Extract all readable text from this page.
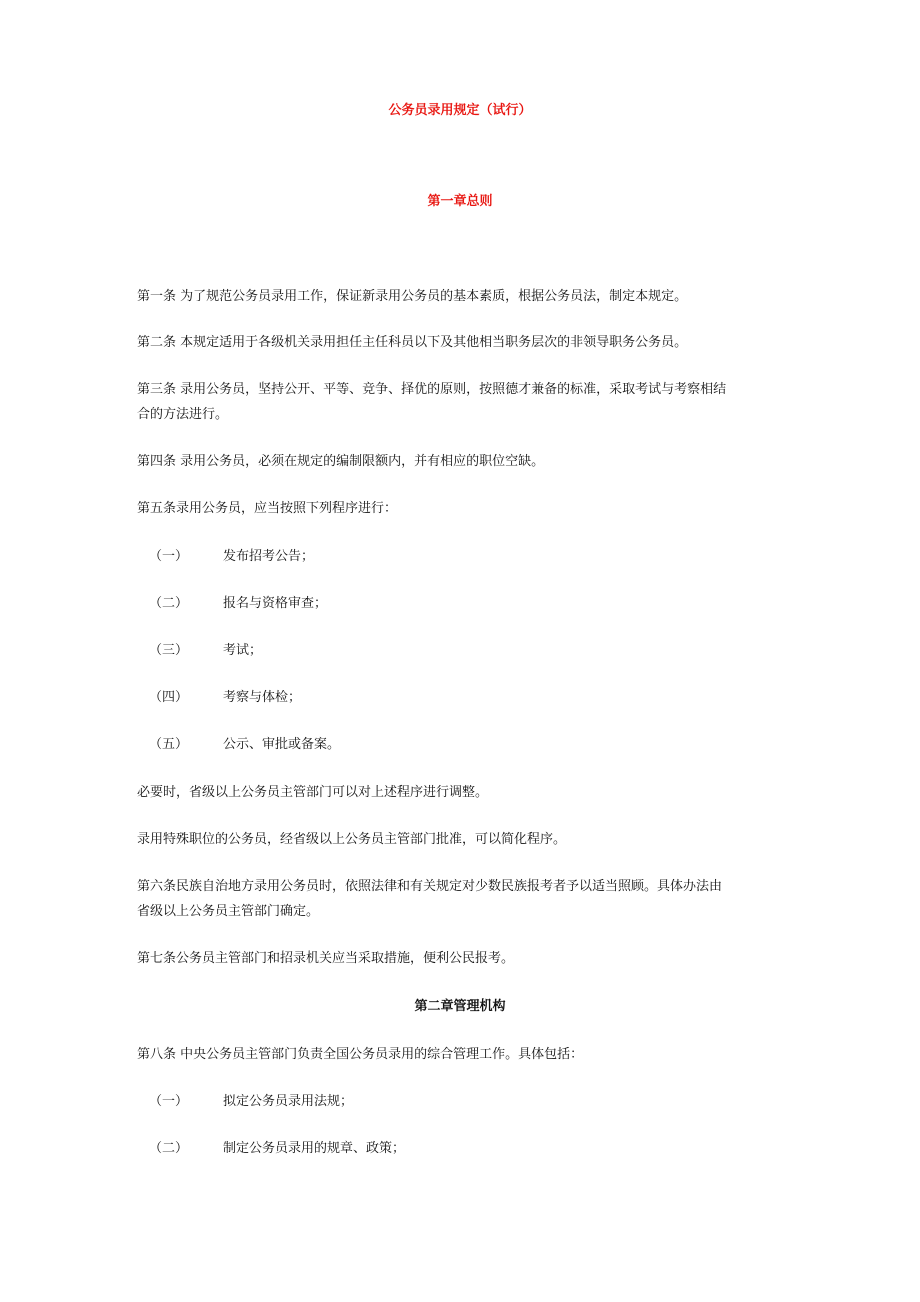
公务员录用规定（试行）
第一章总则
第一条 为了规范公务员录用工作，保证新录用公务员的基本素质，根据公务员法，制定本规定。
第二条 本规定适用于各级机关录用担任主任科员以下及其他相当职务层次的非领导职务公务员。
第三条 录用公务员，坚持公开、平等、竞争、择优的原则，按照德才兼备的标准，采取考试与考察相结
合的方法进行。
第四条 录用公务员，必须在规定的编制限额内，并有相应的职位空缺。
第五条录用公务员，应当按照下列程序进行：
（一）	发布招考公告；
（二）	报名与资格审查；
（三）	考试；
（四）	考察与体检；
（五）	公示、审批或备案。
必要时，省级以上公务员主管部门可以对上述程序进行调整。
录用特殊职位的公务员，经省级以上公务员主管部门批准，可以简化程序。
第六条民族自治地方录用公务员时，依照法律和有关规定对少数民族报考者予以适当照顾。具体办法由
省级以上公务员主管部门确定。
第七条公务员主管部门和招录机关应当采取措施，便利公民报考。
第二章管理机构
第八条 中央公务员主管部门负责全国公务员录用的综合管理工作。具体包括：
（一）	拟定公务员录用法规；
（二）	制定公务员录用的规章、政策；
